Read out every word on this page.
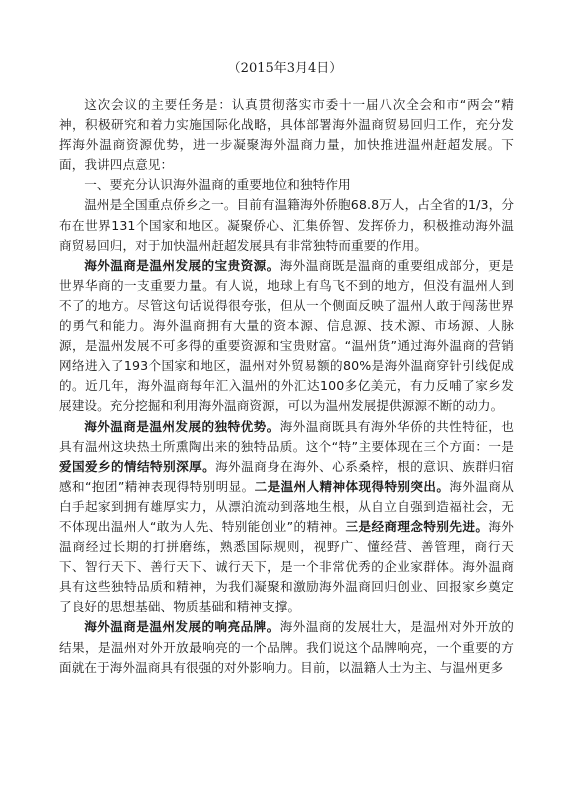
（2015年3月4日）

这次会议的主要任务是：认真贯彻落实市委十一届八次全会和市“两会”精神，积极研究和着力实施国际化战略，具体部署海外温商贸易回归工作，充分发挥海外温商资源优势，进一步凝聚海外温商力量，加快推进温州赶超发展。下面，我讲四点意见：

一、要充分认识海外温商的重要地位和独特作用

温州是全国重点侨乡之一。目前有温籍海外侨胞68.8万人，占全省的1/3，分布在世界131个国家和地区。凝聚侨心、汇集侨智、发挥侨力，积极推动海外温商贸易回归，对于加快温州赶超发展具有非常独特而重要的作用。

海外温商是温州发展的宝贵资源。海外温商既是温商的重要组成部分，更是世界华商的一支重要力量。有人说，地球上有鸟飞不到的地方，但没有温州人到不了的地方。尽管这句话说得很夸张，但从一个侧面反映了温州人敢于闯荡世界的勇气和能力。海外温商拥有大量的资本源、信息源、技术源、市场源、人脉源，是温州发展不可多得的重要资源和宝贵财富。“温州货”通过海外温商的营销网络进入了193个国家和地区，温州对外贸易额的80%是海外温商穿针引线促成的。近几年，海外温商每年汇入温州的外汇达100多亿美元，有力反哺了家乡发展建设。充分挖掘和利用海外温商资源，可以为温州发展提供源源不断的动力。

海外温商是温州发展的独特优势。海外温商既具有海外华侨的共性特征，也具有温州这块热土所熏陶出来的独特品质。这个“特”主要体现在三个方面：一是爱国爱乡的情结特别深厚。海外温商身在海外、心系桑梓，根的意识、族群归宿感和“抱团”精神表现得特别明显。二是温州人精神体现得特别突出。海外温商从白手起家到拥有雄厚实力，从漂泊流动到落地生根，从自立自强到造福社会，无不体现出温州人“敢为人先、特别能创业”的精神。三是经商理念特别先进。海外温商经过长期的打拼磨练，熟悉国际规则，视野广、懂经营、善管理，商行天下、智行天下、善行天下、诚行天下，是一个非常优秀的企业家群体。海外温商具有这些独特品质和精神，为我们凝聚和激励海外温商回归创业、回报家乡奠定了良好的思想基础、物质基础和精神支撑。

海外温商是温州发展的响亮品牌。海外温商的发展壮大，是温州对外开放的结果，是温州对外开放最响亮的一个品牌。我们说这个品牌响亮，一个重要的方面就在于海外温商具有很强的对外影响力。目前，以温籍人士为主、与温州更多
